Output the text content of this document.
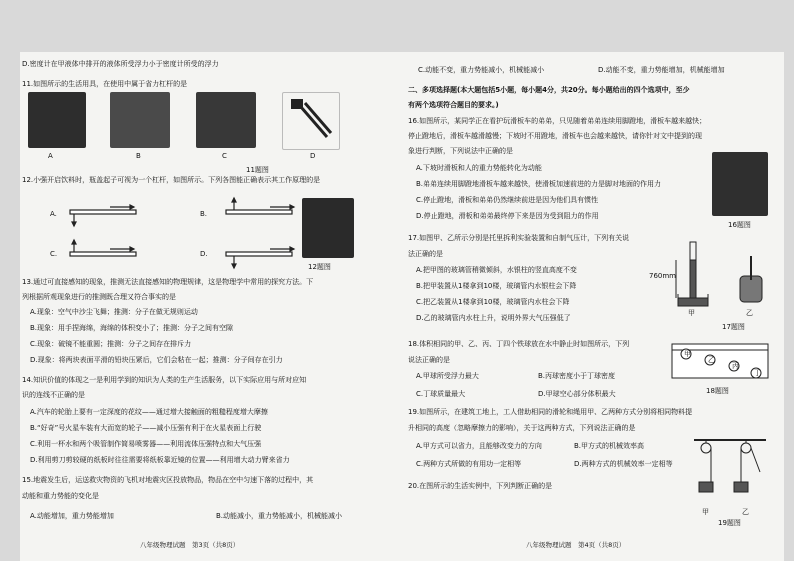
D.密度计在甲液体中排开的液体所受浮力小于密度计所受的浮力
11.如图所示的生活用具，在使用中属于省力杠杆的是
A	B	C	D
11题图
12.小强开启饮料时，瓶盖起子可视为一个杠杆，如图所示。下列各图能正确表示其工作原理的是
A.	B.
C.	D.
12题图
13.通过可直接感知的现象，推测无法直接感知的物理规律，这是物理学中常用的探究方法。下
列根据所观现象进行的推测既合理又符合事实的是
A.现象：空气中沙尘飞舞；推测：分子在做无规则运动
B.现象：用手捏海绵，海绵的体积变小了；推测：分子之间有空隙
C.现象：破镜不能重圆；推测：分子之间存在排斥力
D.现象：将两块表面平滑的铅块压紧后，它们会粘在一起；推测：分子间存在引力
14.知识价值的体现之一是利用学到的知识为人类的生产生活服务，以下实际应用与所对应知
识的连线不正确的是
A.汽车的轮胎上要有一定深度的花纹——通过增大接触面的粗糙程度增大摩擦
B.“好奇”号火星车装有大而宽的轮子——减小压强有利于在火星表面上行驶
C.利用一杯水和两个吸管制作简易喷雾器——利用流体压强特点和大气压强
D.利用剪刀剪较硬的纸板时往往需要将纸板靠近镜的位置——利用增大动力臂来省力
15.地震发生后，运送救灾物资的飞机对地震灾区投放物品，物品在空中匀速下落的过程中，其
动能和重力势能的变化是
A.动能增加，重力势能增加	B.动能减小，重力势能减小，机械能减小
八年级物理试题　第3页（共8页）
C.动能不变，重力势能减小，机械能减小	D.动能不变，重力势能增加，机械能增加
二、多项选择题(本大题包括5小题，每小题4分，共20分。每小题给出的四个选项中，至少
有两个选项符合题目的要求。)
16.如图所示，某同学正在看护玩滑板车的弟弟，只见随着弟弟连续用脚蹬地，滑板车越来越快；
停止蹬地后，滑板车越滑越慢；下坡时不用蹬地，滑板车也会越来越快，请你针对文中提到的现
象进行判断，下列说法中正确的是
A.下坡时滑板和人的重力势能转化为动能
B.弟弟连续用脚蹬地滑板车越来越快，使滑板加速前进的力是脚对地面的作用力
C.停止蹬地，滑板和弟弟仍然继续前进是因为他们具有惯性
D.停止蹬地，滑板和弟弟最终停下来是因为受到阻力的作用
16题图
17.如图甲、乙所示分别是托里拆利实验装置和自制气压计，下列有关说
法正确的是
A.把甲图的玻璃管稍微倾斜，水银柱的竖直高度不变
B.把甲装置从1楼拿到10楼，玻璃管内水银柱会下降
C.把乙装置从1楼拿到10楼，玻璃管内水柱会下降
D.乙的玻璃管内水柱上升，说明外界大气压强低了
760mm
甲	乙
17题图
18.体积相同的甲、乙、丙、丁四个铁球放在水中静止时如图所示，下列
说法正确的是
A.甲球所受浮力最大	B.丙球密度小于丁球密度
C.丁球质量最大	D.甲球空心部分体积最大
甲
乙
丙
丁
18题图
19.如图所示，在建筑工地上，工人借助相同的滑轮和绳用甲、乙两种方式分别将相同物料提
升相同的高度（忽略摩擦力的影响），关于这两种方式，下列说法正确的是
A.甲方式可以省力，且能够改变力的方向	B.甲方式的机械效率高
C.两种方式所做的有用功一定相等	D.两种方式的机械效率一定相等
甲	乙
19题图
20.在图所示的生活实例中，下列判断正确的是
八年级物理试题　第4页（共8页）
